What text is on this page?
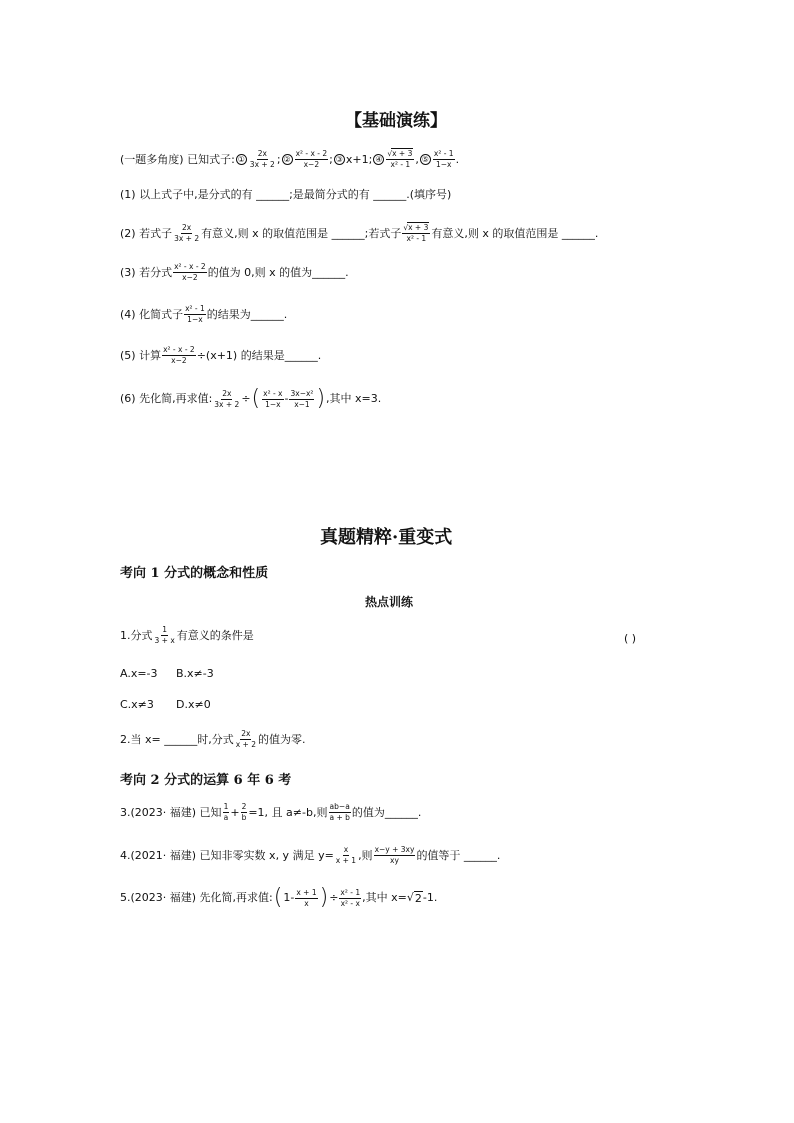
【基础演练】
(一题多角度) 已知式子: ① $\frac{2x}{3x + 2}$ ; ② $\frac{\text{x² - x - 2}}{x-2}$ ; ③ x+1; ④ $\frac{√x + 3}{\text{x² - 1}}$ , ⑤ $\frac{\text{x² - 1}}{1-x}$ .
(1) 以上式子中,是分式的有 ______;是最简分式的有 ______.(填序号)
(2) 若式子 $\frac{2x}{3x + 2}$ 有意义,则 x 的取值范围是 ______;若式子 $\frac{√x + 3}{\text{x² - 1}}$ 有意义,则 x 的取值范围是 ______.
(3) 若分式 $\frac{\text{x² - x - 2}}{x-2}$ 的值为 0,则 x 的值为______.
(4) 化简式子 $\frac{\text{x² - 1}}{1-x}$ 的结果为______.
(5) 计算 $\frac{\text{x² - x - 2}}{x-2} \div(x+1)$ 的结果是______.
(6) 先化简,再求值: $\frac{2x}{3x + 2}$ ÷ ( $\frac{\text{x² - x}}{1-x} - \frac{\text{3x−x²}}{x-1}$ ) ,其中 x=3.
真题精粹·重变式
考向 1 分式的概念和性质
热点训练
1.分式 $\frac{1}{3 + x}$ 有意义的条件是	( )
A.x=-3 B.x≠-3
C.x≠3 D.x≠0
2.当 x= ______时,分式 $\frac{2x}{x + 2}$ 的值为零.
考向 2 分式的运算 6 年 6 考
3.(2023· 福建) 已知 $\frac{1}{a} + \frac{2}{b} =1$, 且 a≠-b,则 $\frac{ab-a}{a + b}$ 的值为______.
4.(2021· 福建) 已知非零实数 x, y 满足 $y= \frac{x}{x + 1}$ ,则 $\frac{x-y + 3xy}{xy}$ 的值等于 ______.
5.(2023· 福建) 先化简,再求值: ( $1- \frac{x + 1}{x}$ ) ÷ $\frac{\text{x² - 1}}{\text{x² - x}}$ ,其中 x= √ 2 -1.
